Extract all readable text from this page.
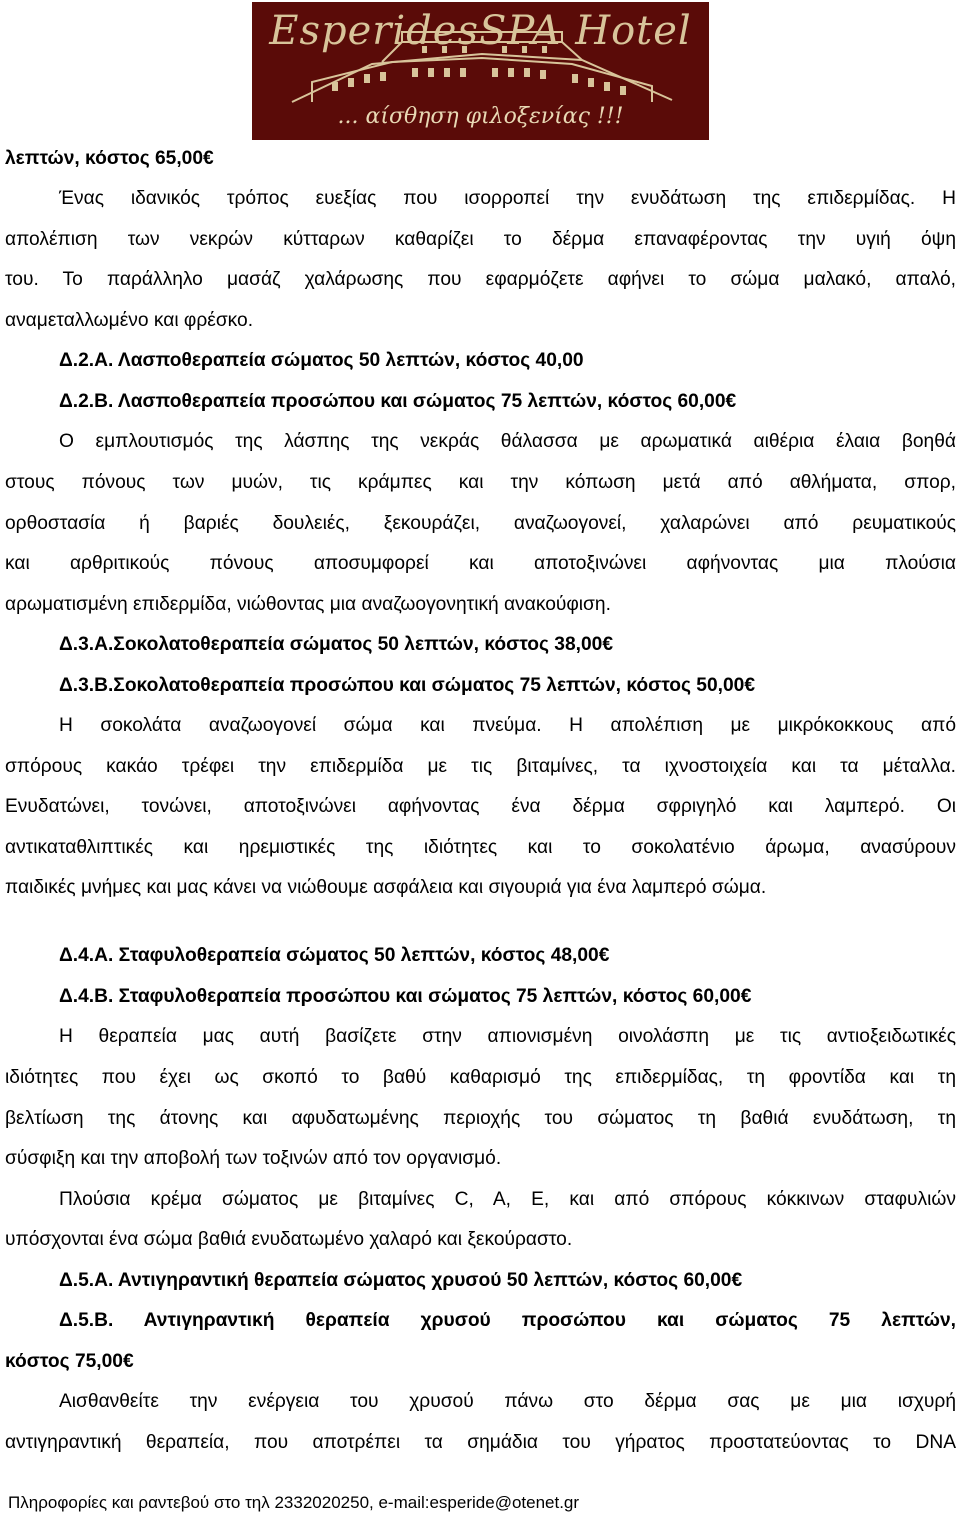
EsperidesSPA Hotel
... αίσθηση φιλοξενίας !!!
λεπτών, κόστος 65,00€
Ένας ιδανικός τρόπος ευεξίας που ισορροπεί την ενυδάτωση της επιδερμίδας. Η
απολέπιση των νεκρών κύτταρων καθαρίζει το δέρμα επαναφέροντας την υγιή όψη
του. Το παράλληλο μασάζ χαλάρωσης που εφαρμόζετε αφήνει το σώμα μαλακό, απαλό,
αναμεταλλωμένο και φρέσκο.
Δ.2.Α. Λασποθεραπεία σώματος 50 λεπτών, κόστος 40,00
Δ.2.Β. Λασποθεραπεία προσώπου και σώματος 75 λεπτών, κόστος 60,00€
Ο εμπλουτισμός της λάσπης της νεκράς θάλασσα με αρωματικά αιθέρια έλαια βοηθά
στους πόνους των μυών, τις κράμπες και την κόπωση μετά από αθλήματα, σπορ,
ορθοστασία ή βαριές δουλειές, ξεκουράζει, αναζωογονεί, χαλαρώνει από ρευματικούς
και αρθριτικούς πόνους αποσυμφορεί και αποτοξινώνει αφήνοντας μια πλούσια
αρωματισμένη επιδερμίδα, νιώθοντας μια αναζωογονητική ανακούφιση.
Δ.3.Α.Σοκολατοθεραπεία σώματος 50 λεπτών, κόστος 38,00€
Δ.3.Β.Σοκολατοθεραπεία προσώπου και σώματος 75 λεπτών, κόστος 50,00€
Η σοκολάτα αναζωογονεί σώμα και πνεύμα. Η απολέπιση με μικρόκοκκους από
σπόρους κακάο τρέφει την επιδερμίδα με τις βιταμίνες, τα ιχνοστοιχεία και τα μέταλλα.
Ενυδατώνει, τονώνει, αποτοξινώνει αφήνοντας ένα δέρμα σφριγηλό και λαμπερό. Οι
αντικαταθλιπτικές και ηρεμιστικές της ιδιότητες και το σοκολατένιο άρωμα, ανασύρουν
παιδικές μνήμες και μας κάνει να νιώθουμε ασφάλεια και σιγουριά για ένα λαμπερό σώμα.
Δ.4.Α. Σταφυλοθεραπεία σώματος 50 λεπτών, κόστος 48,00€
Δ.4.Β. Σταφυλοθεραπεία προσώπου και σώματος 75 λεπτών, κόστος 60,00€
Η θεραπεία μας αυτή βασίζετε στην απιονισμένη οινολάσπη με τις αντιοξειδωτικές
ιδιότητες που έχει ως σκοπό το βαθύ καθαρισμό της επιδερμίδας, τη φροντίδα και τη
βελτίωση της άτονης και αφυδατωμένης περιοχής του σώματος τη βαθιά ενυδάτωση, τη
σύσφιξη και την αποβολή των τοξινών από τον οργανισμό.
Πλούσια κρέμα σώματος με βιταμίνες C, A, E, και από σπόρους κόκκινων σταφυλιών
υπόσχονται ένα σώμα βαθιά ενυδατωμένο χαλαρό και ξεκούραστο.
Δ.5.Α. Αντιγηραντική θεραπεία σώματος χρυσού 50 λεπτών, κόστος 60,00€
Δ.5.Β. Αντιγηραντική θεραπεία χρυσού προσώπου και σώματος 75 λεπτών,
κόστος 75,00€
Αισθανθείτε την ενέργεια του χρυσού πάνω στο δέρμα σας με μια ισχυρή
αντιγηραντική θεραπεία, που αποτρέπει τα σημάδια του γήρατος προστατεύοντας το DNA
Πληροφορίες και ραντεβού στο τηλ 2332020250, e-mail:esperide@otenet.gr
